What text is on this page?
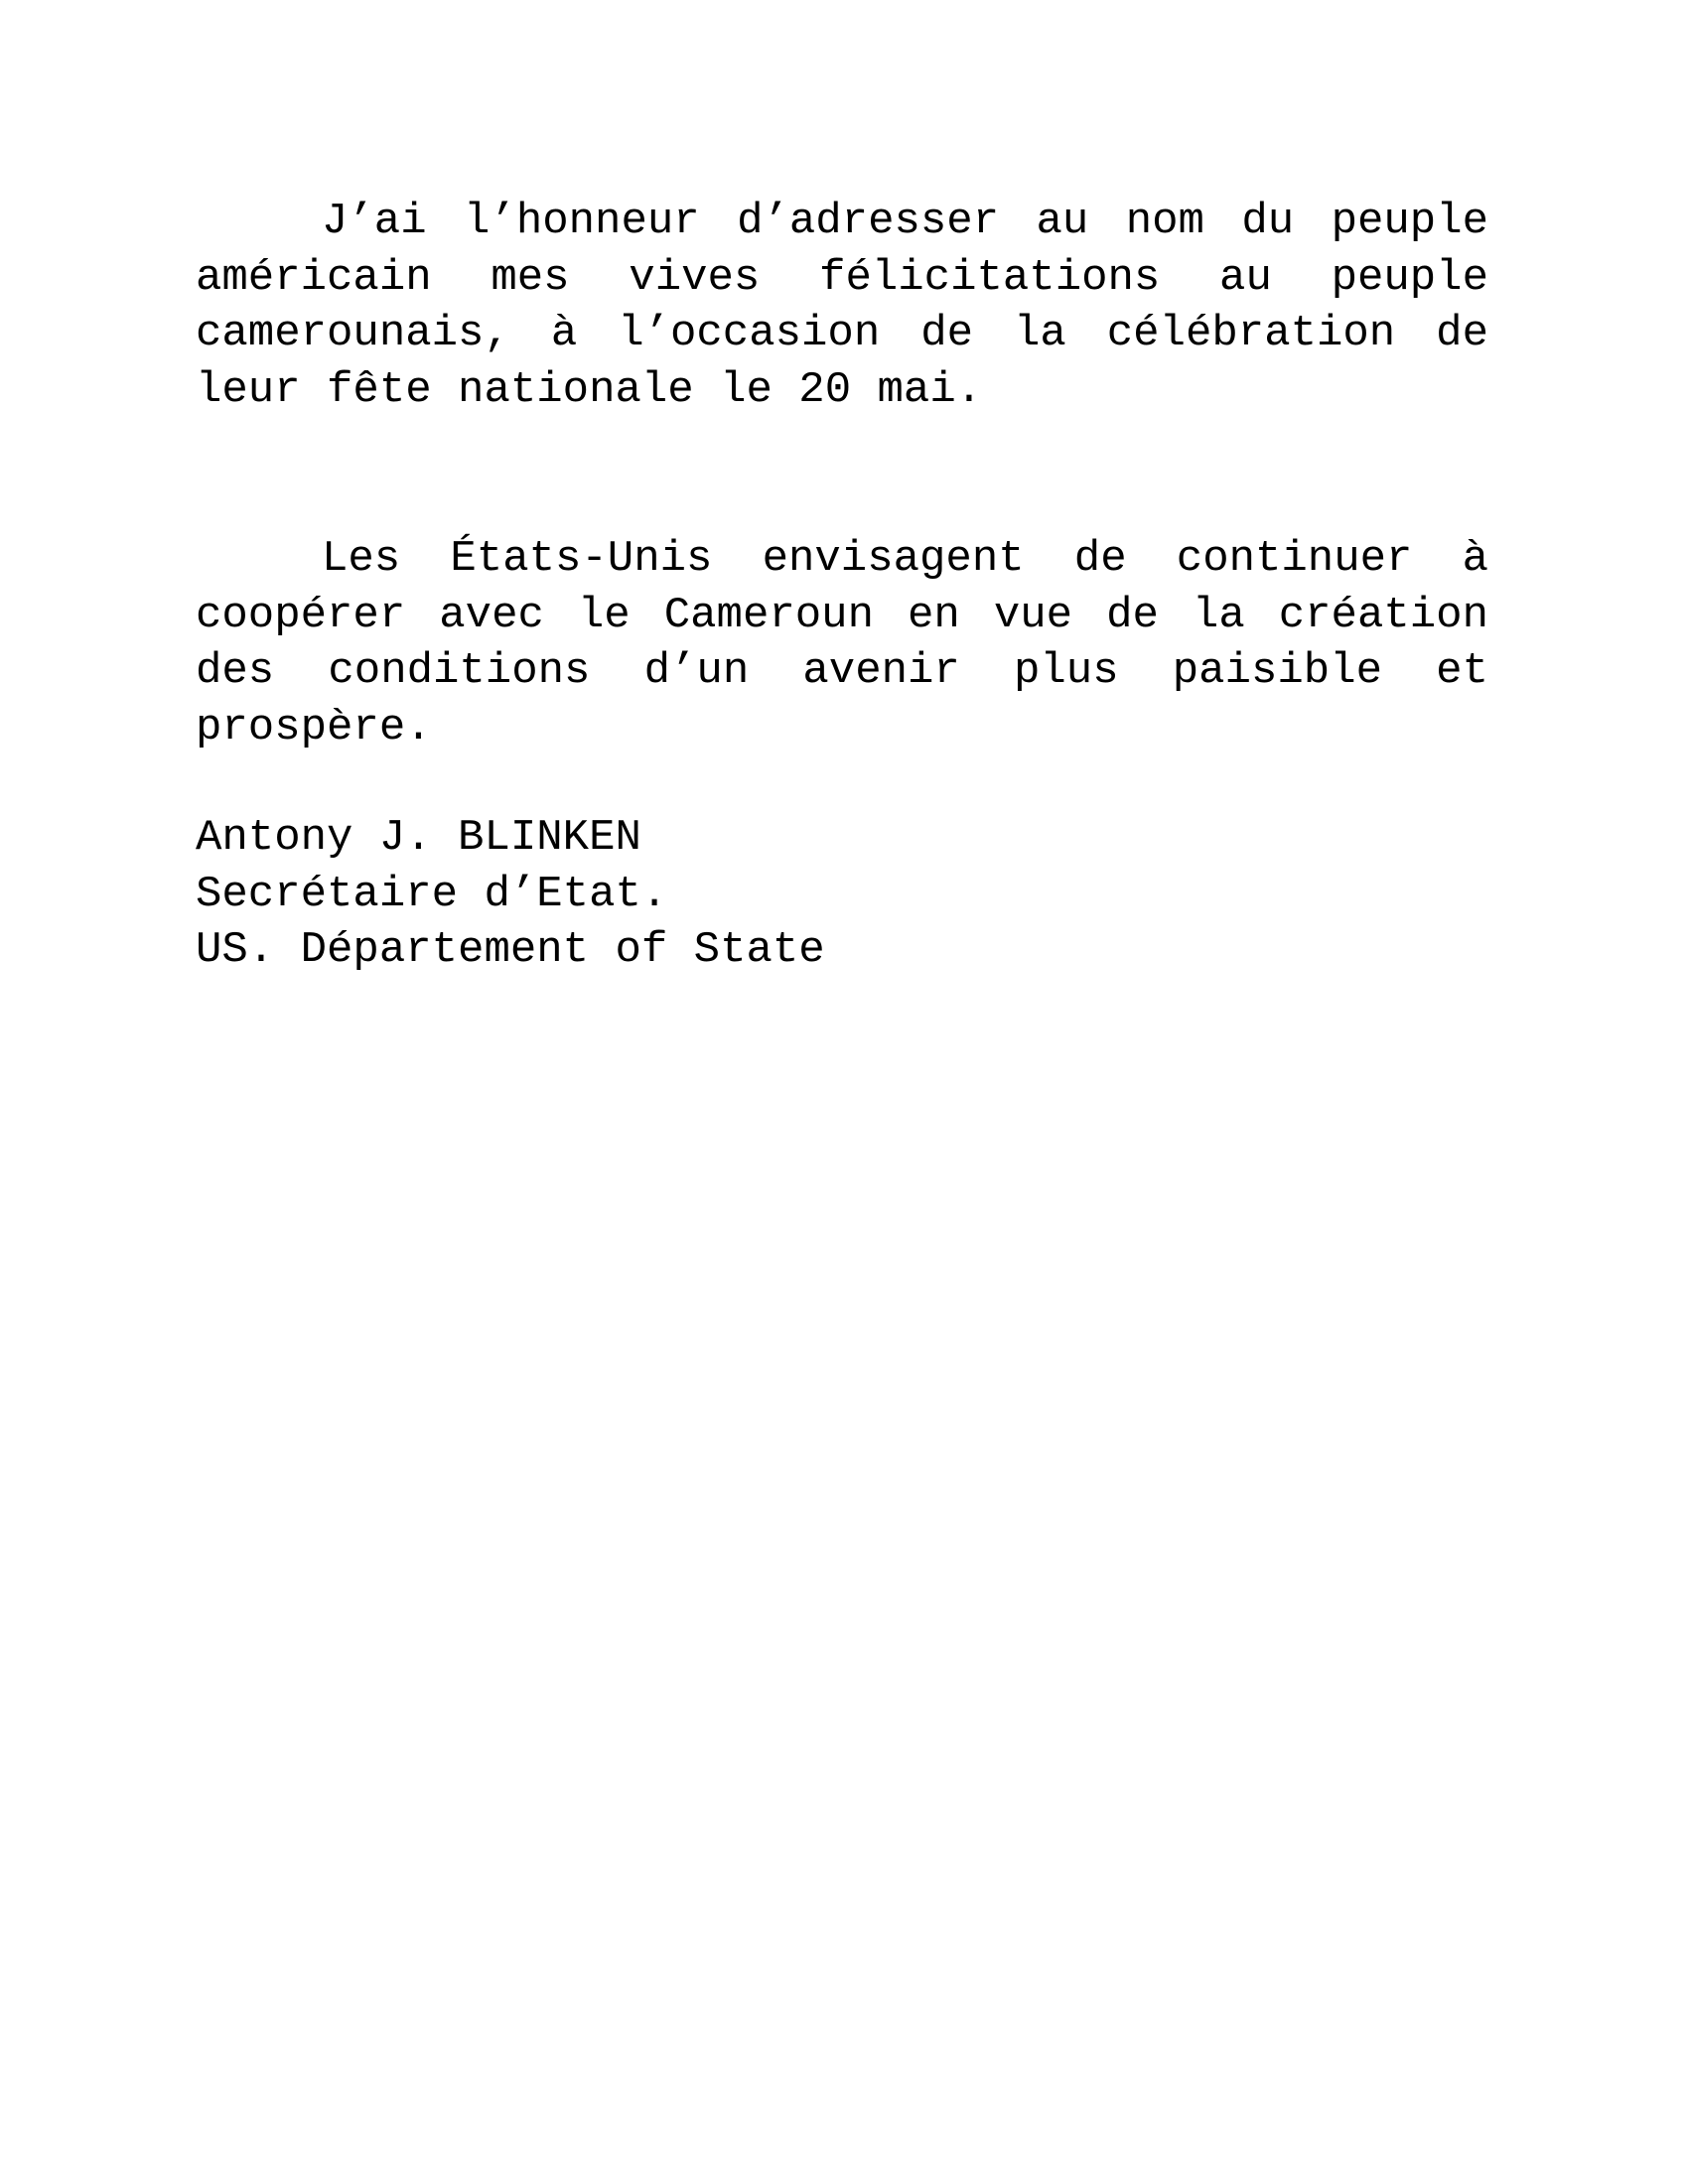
J’ai l’honneur d’adresser au nom du peuple américain mes vives félicitations au peuple camerounais, à l’occasion de la célébration de leur fête nationale le 20 mai.

Les États-Unis envisagent de continuer à coopérer avec le Cameroun en vue de la création des conditions d’un avenir plus paisible et prospère.

Antony J. BLINKEN
Secrétaire d’Etat.
US. Département of State
